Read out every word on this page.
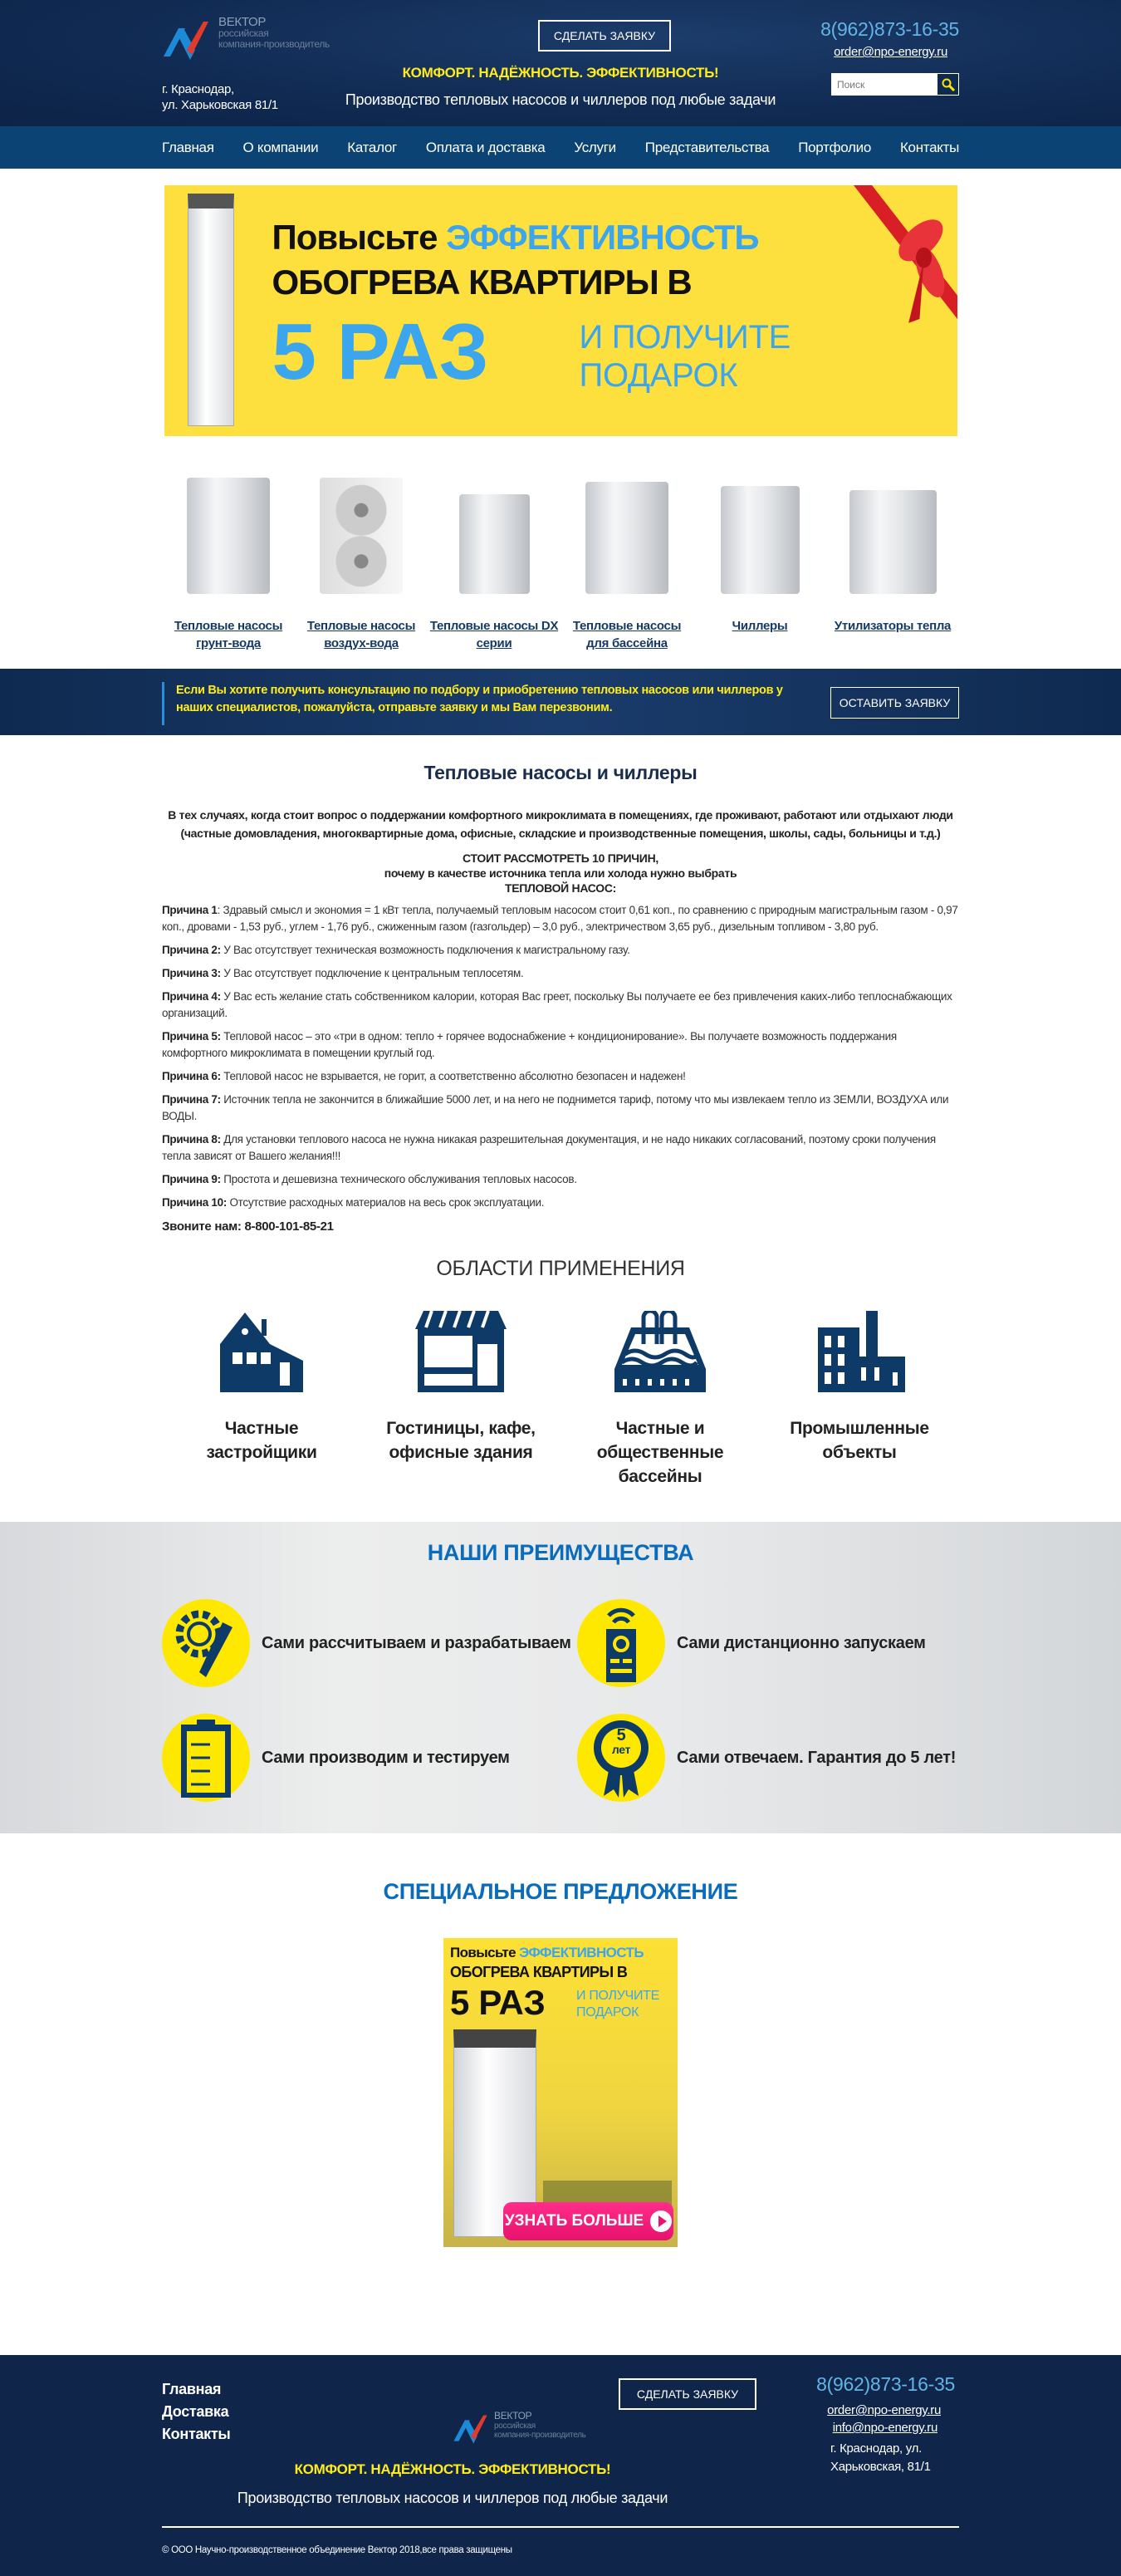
ВЕКТОР
российская
компания-производитель
г. Краснодар,
ул. Харьковская 81/1
СДЕЛАТЬ ЗАЯВКУ
КОМФОРТ. НАДЁЖНОСТЬ. ЭФФЕКТИВНОСТЬ!
Производство тепловых насосов и чиллеров под любые задачи
8(962)873-16-35
order@npo-energy.ru
Поиск
Главная О компании Каталог Оплата и доставка Услуги Представительства Портфолио Контакты
Повысьте ЭФФЕКТИВНОСТЬ
ОБОГРЕВА КВАРТИРЫ В
5 РАЗ	И ПОЛУЧИТЕ
ПОДАРОК
Тепловые насосы грунт-вода
Тепловые насосы воздух-вода
Тепловые насосы DX серии
Тепловые насосы для бассейна
Чиллеры	Утилизаторы тепла
Если Вы хотите получить консультацию по подбору и приобретению тепловых насосов или чиллеров у наших специалистов, пожалуйста, отправьте заявку и мы Вам перезвоним.	ОСТАВИТЬ ЗАЯВКУ
Тепловые насосы и чиллеры

В тех случаях, когда стоит вопрос о поддержании комфортного микроклимата в помещениях, где проживают, работают или отдыхают люди (частные домовладения, многоквартирные дома, офисные, складские и производственные помещения, школы, сады, больницы и т.д.)

СТОИТ РАССМОТРЕТЬ 10 ПРИЧИН,
почему в качестве источника тепла или холода нужно выбрать
ТЕПЛОВОЙ НАСОС:

Причина 1: Здравый смысл и экономия = 1 кВт тепла, получаемый тепловым насосом стоит 0,61 коп., по сравнению с природным магистральным газом - 0,97 коп., дровами - 1,53 руб., углем - 1,76 руб., сжиженным газом (газгольдер) – 3,0 руб., электричеством 3,65 руб., дизельным топливом - 3,80 руб.

Причина 2: У Вас отсутствует техническая возможность подключения к магистральному газу.

Причина 3: У Вас отсутствует подключение к центральным теплосетям.

Причина 4: У Вас есть желание стать собственником калории, которая Вас греет, поскольку Вы получаете ее без привлечения каких-либо теплоснабжающих организаций.

Причина 5: Тепловой насос – это «три в одном: тепло + горячее водоснабжение + кондиционирование». Вы получаете возможность поддержания комфортного микроклимата в помещении круглый год.

Причина 6: Тепловой насос не взрывается, не горит, а соответственно абсолютно безопасен и надежен!

Причина 7: Источник тепла не закончится в ближайшие 5000 лет, и на него не поднимется тариф, потому что мы извлекаем тепло из ЗЕМЛИ, ВОЗДУХА или ВОДЫ.

Причина 8: Для установки теплового насоса не нужна никакая разрешительная документация, и не надо никаких согласований, поэтому сроки получения тепла зависят от Вашего желания!!!

Причина 9: Простота и дешевизна технического обслуживания тепловых насосов.

Причина 10: Отсутствие расходных материалов на весь срок эксплуатации.

Звоните нам: 8-800-101-85-21
ОБЛАСТИ ПРИМЕНЕНИЯ
Частные застройщики
Гостиницы, кафе, офисные здания
Частные и общественные бассейны
Промышленные объекты
НАШИ ПРЕИМУЩЕСТВА
Сами рассчитываем и разрабатываем	Сами дистанционно запускаем
Сами производим и тестируем
5
лет	Сами отвечаем. Гарантия до 5 лет!
СПЕЦИАЛЬНОЕ ПРЕДЛОЖЕНИЕ
Повысьте ЭФФЕКТИВНОСТЬ
ОБОГРЕВА КВАРТИРЫ В
5 РАЗ И ПОЛУЧИТЕ
ПОДАРОК
УЗНАТЬ БОЛЬШЕ
Главная
Доставка
Контакты
ВЕКТОР
российская
компания-производитель
СДЕЛАТЬ ЗАЯВКУ
КОМФОРТ. НАДЁЖНОСТЬ. ЭФФЕКТИВНОСТЬ!
Производство тепловых насосов и чиллеров под любые задачи
8(962)873-16-35
order@npo-energy.ru
info@npo-energy.ru
г. Краснодар, ул. Харьковская, 81/1
© ООО Научно-производственное объединение Вектор 2018,все права защищены
